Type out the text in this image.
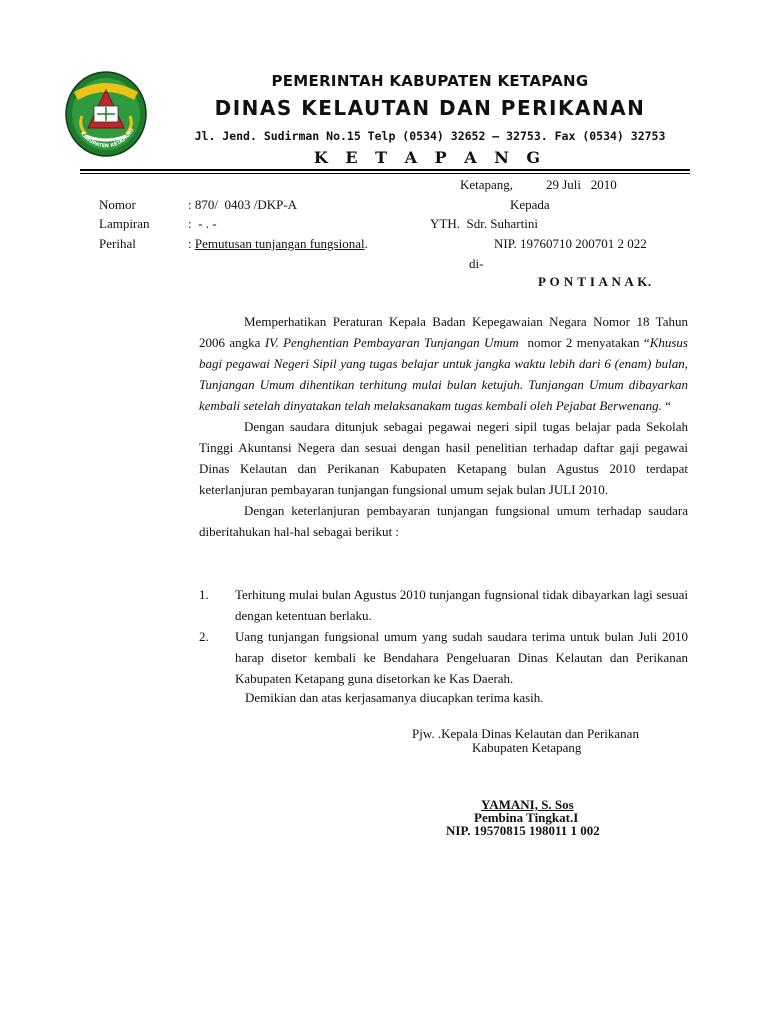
KABUPATEN KETAPANG
PEMERINTAH KABUPATEN KETAPANG
DINAS KELAUTAN DAN PERIKANAN
Jl. Jend. Sudirman No.15 Telp (0534) 32652 – 32753. Fax (0534) 32753
K E T A P A N G
Ketapang,	29 Juli   2010
Nomor	: 870/  0403 /DKP-A
Lampiran	:  - . -
Perihal	: Pemutusan tunjangan fungsional.
Kepada
YTH.  Sdr. Suhartini
NIP. 19760710 200701 2 022
di-
P O N T I A N A K.

Memperhatikan Peraturan Kepala Badan Kepegawaian Negara Nomor 18 Tahun 2006 angka IV. Penghentian Pembayaran Tunjangan Umum  nomor 2 menyatakan “Khusus bagi pegawai Negeri Sipil yang tugas belajar untuk jangka waktu lebih dari 6 (enam) bulan, Tunjangan Umum dihentikan terhitung mulai bulan ketujuh. Tunjangan Umum dibayarkan kembali setelah dinyatakan telah melaksanakam tugas kembali oleh Pejabat Berwenang. “

Dengan saudara ditunjuk sebagai pegawai negeri sipil tugas belajar pada Sekolah Tinggi Akuntansi Negera dan sesuai dengan hasil penelitian terhadap daftar gaji pegawai Dinas Kelautan dan Perikanan Kabupaten Ketapang bulan Agustus 2010 terdapat keterlanjuran pembayaran tunjangan fungsional umum sejak bulan JULI 2010.

Dengan keterlanjuran pembayaran tunjangan fungsional umum terhadap saudara diberitahukan hal-hal sebagai berikut :

1.	Terhitung mulai bulan Agustus 2010 tunjangan fugnsional tidak dibayarkan lagi sesuai dengan ketentuan berlaku.
2.	Uang tunjangan fungsional umum yang sudah saudara terima untuk bulan Juli 2010 harap disetor kembali ke Bendahara Pengeluaran Dinas Kelautan dan Perikanan Kabupaten Ketapang guna disetorkan ke Kas Daerah.
Demikian dan atas kerjasamanya diucapkan terima kasih.
Pjw. .Kepala Dinas Kelautan dan Perikanan
Kabupaten Ketapang
YAMANI, S. Sos
Pembina Tingkat.I
NIP. 19570815 198011 1 002
